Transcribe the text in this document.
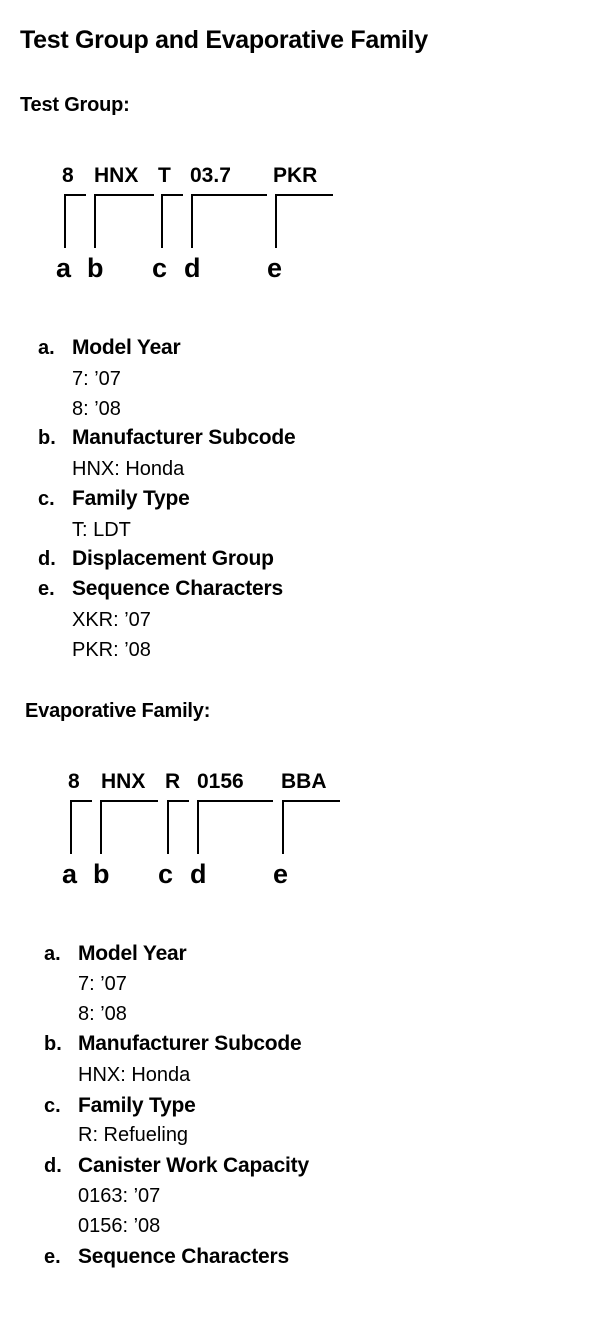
Test Group and Evaporative Family
Test Group:
8 HNX T 03.7 PKR
a b c d e
a. Model Year
7: ’07
8: ’08
b. Manufacturer Subcode
HNX: Honda
c. Family Type
T: LDT
d. Displacement Group
e. Sequence Characters
XKR: ’07
PKR: ’08
Evaporative Family:
8 HNX R 0156 BBA
a b c d e
a. Model Year
7: ’07
8: ’08
b. Manufacturer Subcode
HNX: Honda
c. Family Type
R: Refueling
d. Canister Work Capacity
0163: ’07
0156: ’08
e. Sequence Characters
